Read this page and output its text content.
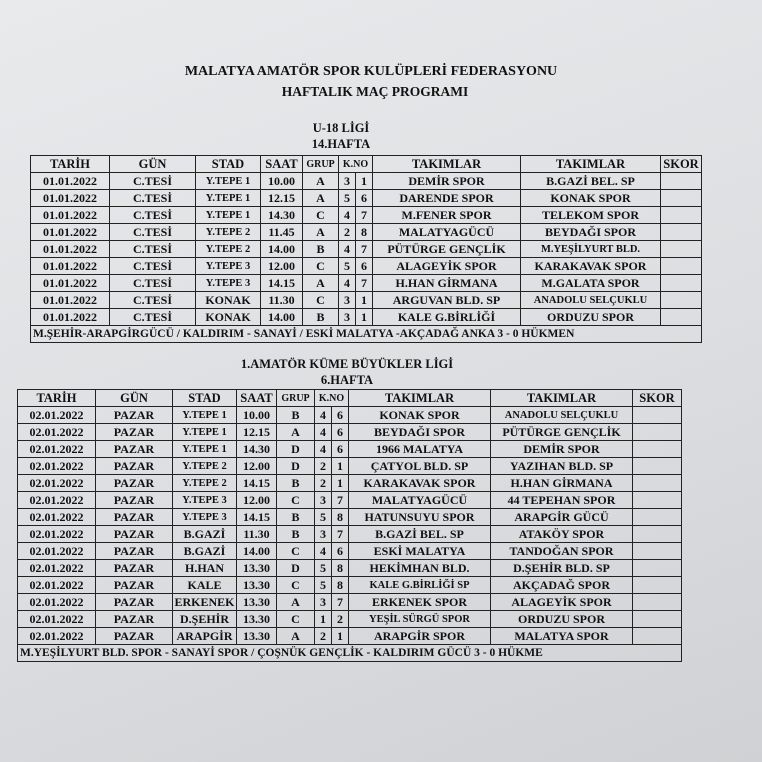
MALATYA AMATÖR SPOR KULÜPLERİ FEDERASYONU
HAFTALIK MAÇ PROGRAMI
U-18 LİGİ
14.HAFTA
TARİH	GÜN	STAD	SAAT	GRUP	K.NO		TAKIMLAR	TAKIMLAR	SKOR
01.01.2022	C.TESİ	Y.TEPE 1	10.00	A	3	1	DEMİR SPOR	B.GAZİ BEL. SP	
01.01.2022	C.TESİ	Y.TEPE 1	12.15	A	5	6	DARENDE SPOR	KONAK SPOR	
01.01.2022	C.TESİ	Y.TEPE 1	14.30	C	4	7	M.FENER SPOR	TELEKOM SPOR	
01.01.2022	C.TESİ	Y.TEPE 2	11.45	A	2	8	MALATYAGÜCÜ	BEYDAĞI SPOR	
01.01.2022	C.TESİ	Y.TEPE 2	14.00	B	4	7	PÜTÜRGE GENÇLİK	M.YEŞİLYURT BLD.	
01.01.2022	C.TESİ	Y.TEPE 3	12.00	C	5	6	ALAGEYİK SPOR	KARAKAVAK SPOR	
01.01.2022	C.TESİ	Y.TEPE 3	14.15	A	4	7	H.HAN GİRMANA	M.GALATA SPOR	
01.01.2022	C.TESİ	KONAK	11.30	C	3	1	ARGUVAN BLD. SP	ANADOLU SELÇUKLU	
01.01.2022	C.TESİ	KONAK	14.00	B	3	1	KALE G.BİRLİĞİ	ORDUZU SPOR	
M.ŞEHİR-ARAPGİRGÜCÜ / KALDIRIM - SANAYİ / ESKİ MALATYA -AKÇADAĞ ANKA 3 - 0 HÜKMEN									
1.AMATÖR KÜME BÜYÜKLER LİGİ
6.HAFTA
TARİH	GÜN	STAD	SAAT	GRUP	K.NO		TAKIMLAR	TAKIMLAR	SKOR
02.01.2022	PAZAR	Y.TEPE 1	10.00	B	4	6	KONAK SPOR	ANADOLU SELÇUKLU	
02.01.2022	PAZAR	Y.TEPE 1	12.15	A	4	6	BEYDAĞI SPOR	PÜTÜRGE GENÇLİK	
02.01.2022	PAZAR	Y.TEPE 1	14.30	D	4	6	1966 MALATYA	DEMİR SPOR	
02.01.2022	PAZAR	Y.TEPE 2	12.00	D	2	1	ÇATYOL BLD. SP	YAZIHAN BLD. SP	
02.01.2022	PAZAR	Y.TEPE 2	14.15	B	2	1	KARAKAVAK SPOR	H.HAN GİRMANA	
02.01.2022	PAZAR	Y.TEPE 3	12.00	C	3	7	MALATYAGÜCÜ	44 TEPEHAN SPOR	
02.01.2022	PAZAR	Y.TEPE 3	14.15	B	5	8	HATUNSUYU SPOR	ARAPGİR GÜCÜ	
02.01.2022	PAZAR	B.GAZİ	11.30	B	3	7	B.GAZİ BEL. SP	ATAKÖY SPOR	
02.01.2022	PAZAR	B.GAZİ	14.00	C	4	6	ESKİ MALATYA	TANDOĞAN SPOR	
02.01.2022	PAZAR	H.HAN	13.30	D	5	8	HEKİMHAN BLD.	D.ŞEHİR BLD. SP	
02.01.2022	PAZAR	KALE	13.30	C	5	8	KALE G.BİRLİĞİ SP	AKÇADAĞ SPOR	
02.01.2022	PAZAR	ERKENEK	13.30	A	3	7	ERKENEK SPOR	ALAGEYİK SPOR	
02.01.2022	PAZAR	D.ŞEHİR	13.30	C	1	2	YEŞİL SÜRGÜ SPOR	ORDUZU SPOR	
02.01.2022	PAZAR	ARAPGİR	13.30	A	2	1	ARAPGİR SPOR	MALATYA SPOR	
M.YEŞİLYURT BLD. SPOR - SANAYİ SPOR / ÇOŞNÜK GENÇLİK - KALDIRIM GÜCÜ 3 - 0 HÜKME									
